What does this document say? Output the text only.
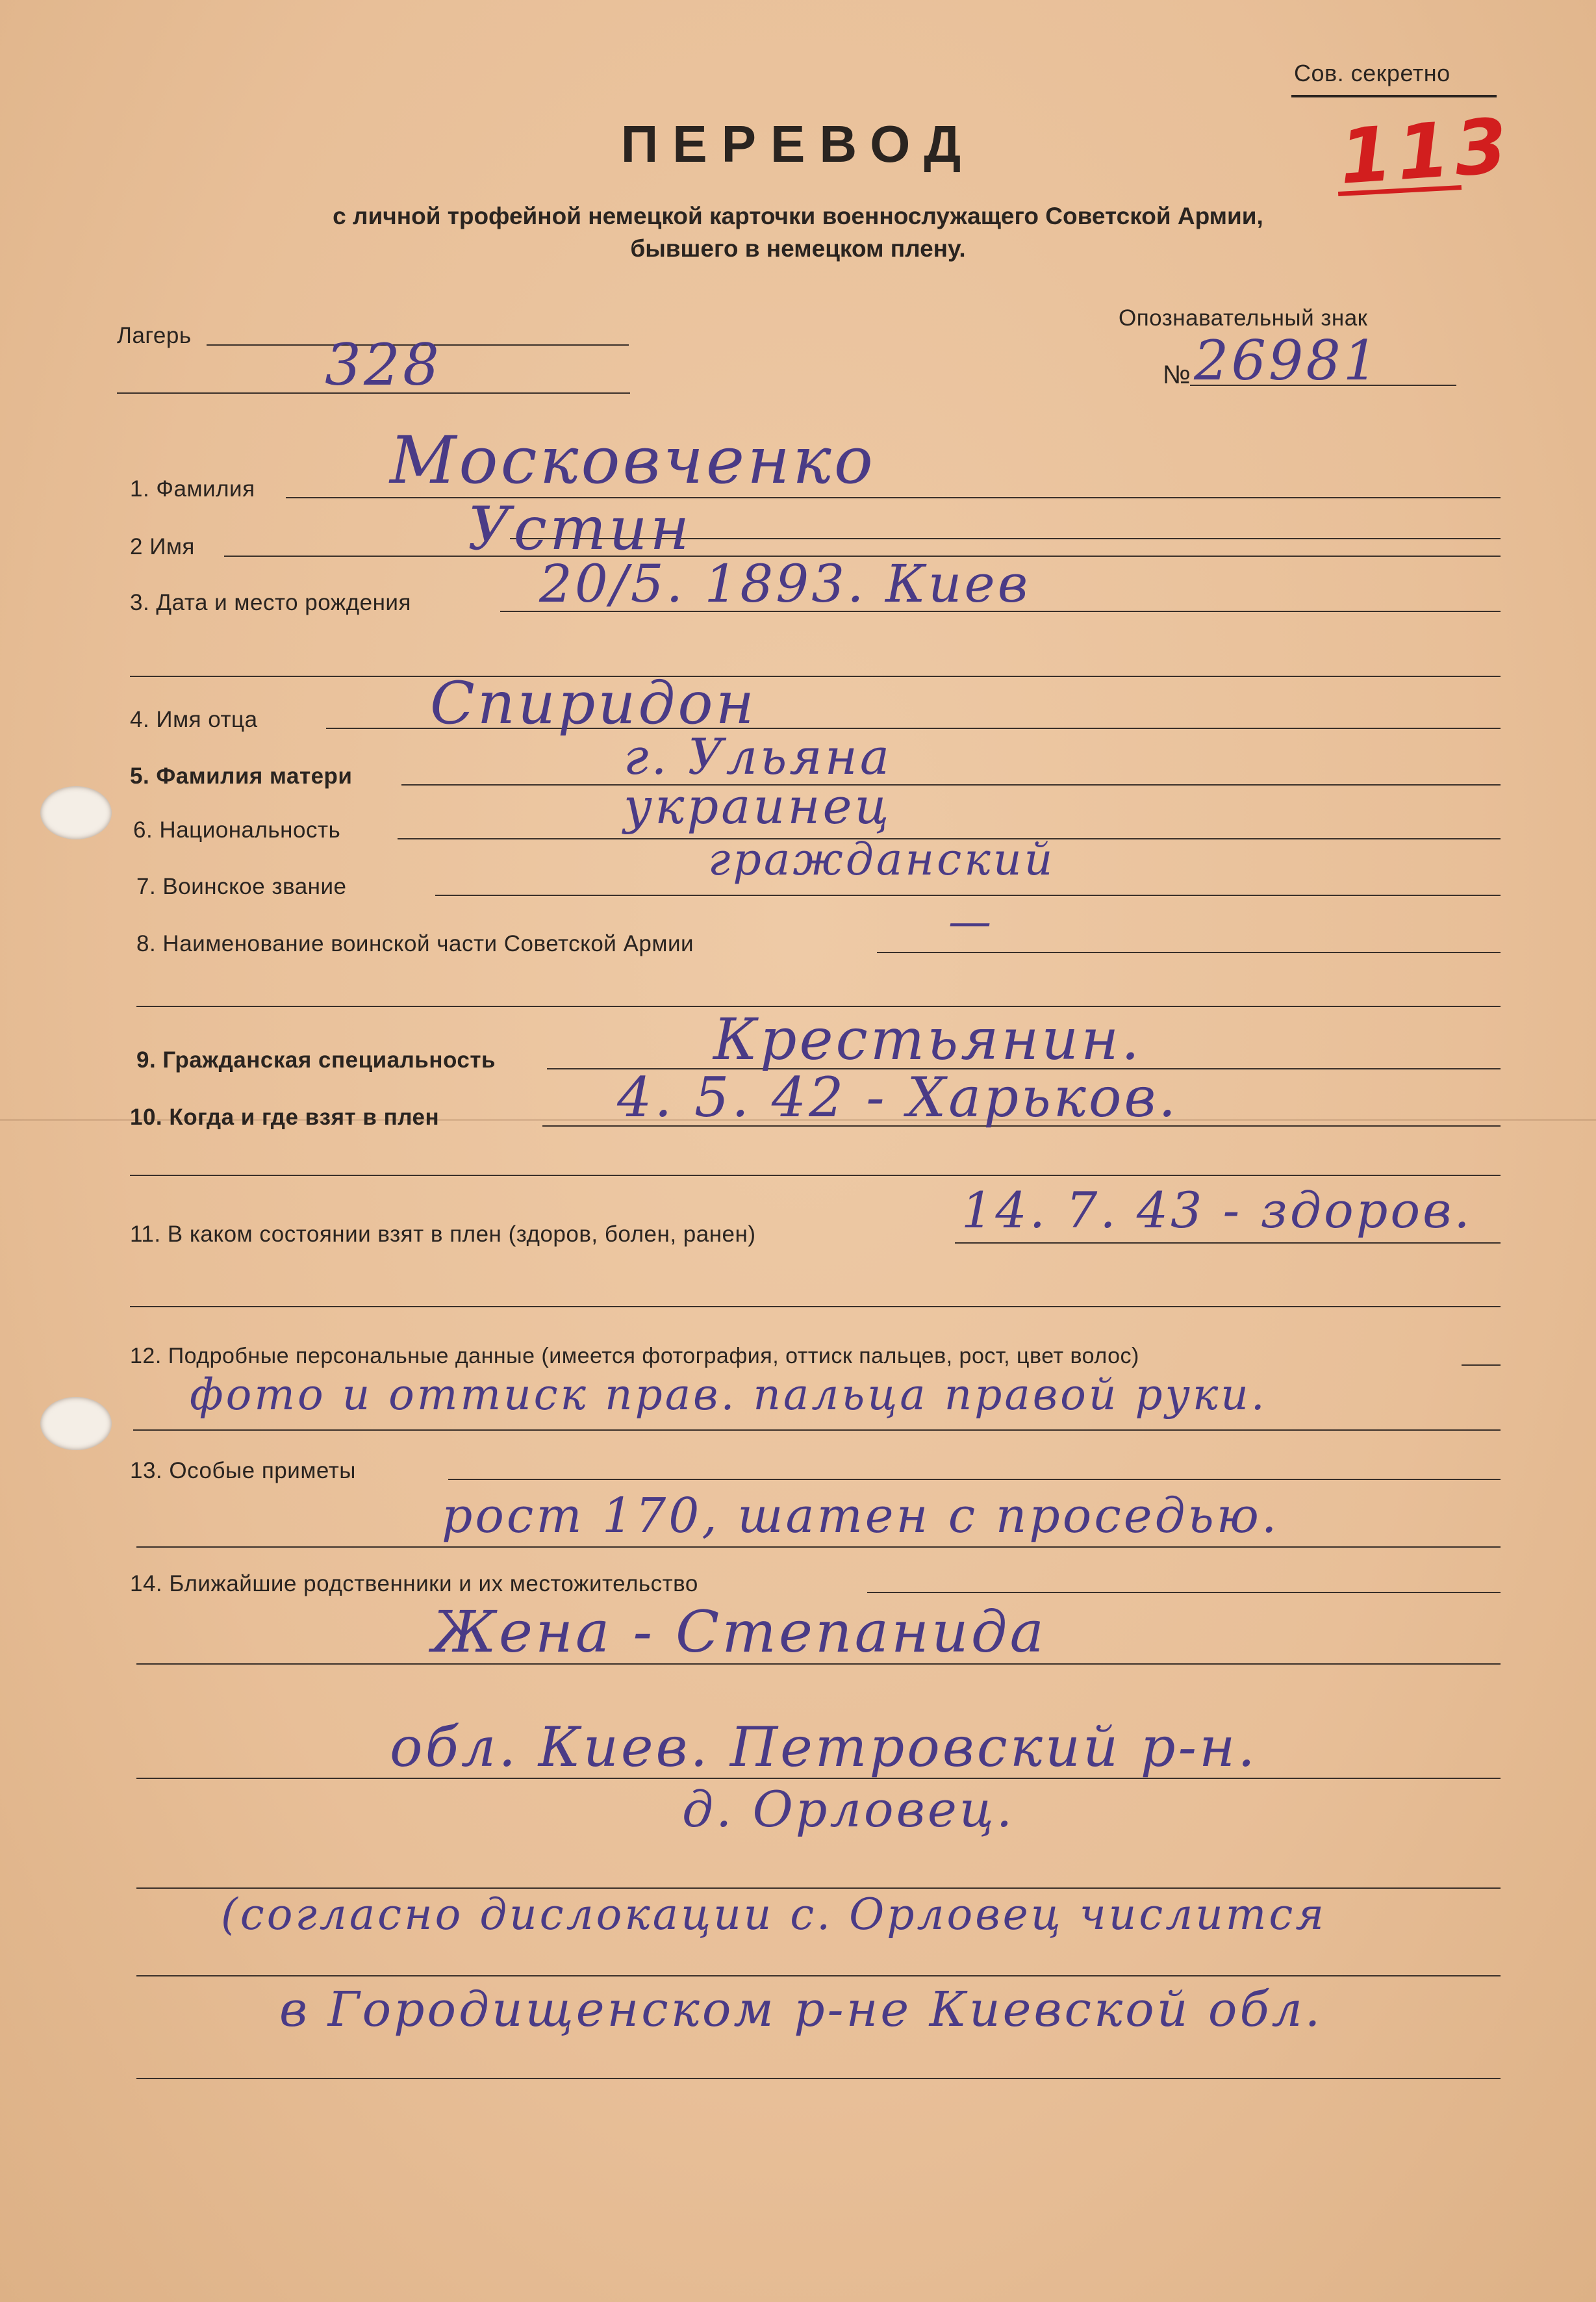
Сов. секретно
113
ПЕРЕВОД
с личной трофейной немецкой карточки военнослужащего Советской Армии,
бывшего в немецком плену.
Лагерь 328
Опознавательный знак
№ 26981
1. Фамилия Московченко
2 Имя	Устин
3. Дата и место рождения 20/5. 1893. Киев
4. Имя отца	Спиридон
5. Фамилия матери	г. Ульяна
6. Национальность	украинец
7. Воинское звание
гражданский
8. Наименование воинской части Советской Армии	—
9. Гражданская специальность	Крестьянин.
10. Когда и где взят в плен	4. 5. 42 - Харьков.
11. В каком состоянии взят в плен (здоров, болен, ранен)	14. 7. 43 - здоров.
12. Подробные персональные данные (имеется фотография, оттиск пальцев, рост, цвет волос)
фото и оттиск прав. пальца правой руки.
13. Особые приметы
рост 170, шатен с проседью.
14. Ближайшие родственники и их местожительство
Жена - Степанида
обл. Киев. Петровский р-н.
д. Орловец.
(согласно дислокации с. Орловец числится
в Городищенском р-не Киевской обл.
